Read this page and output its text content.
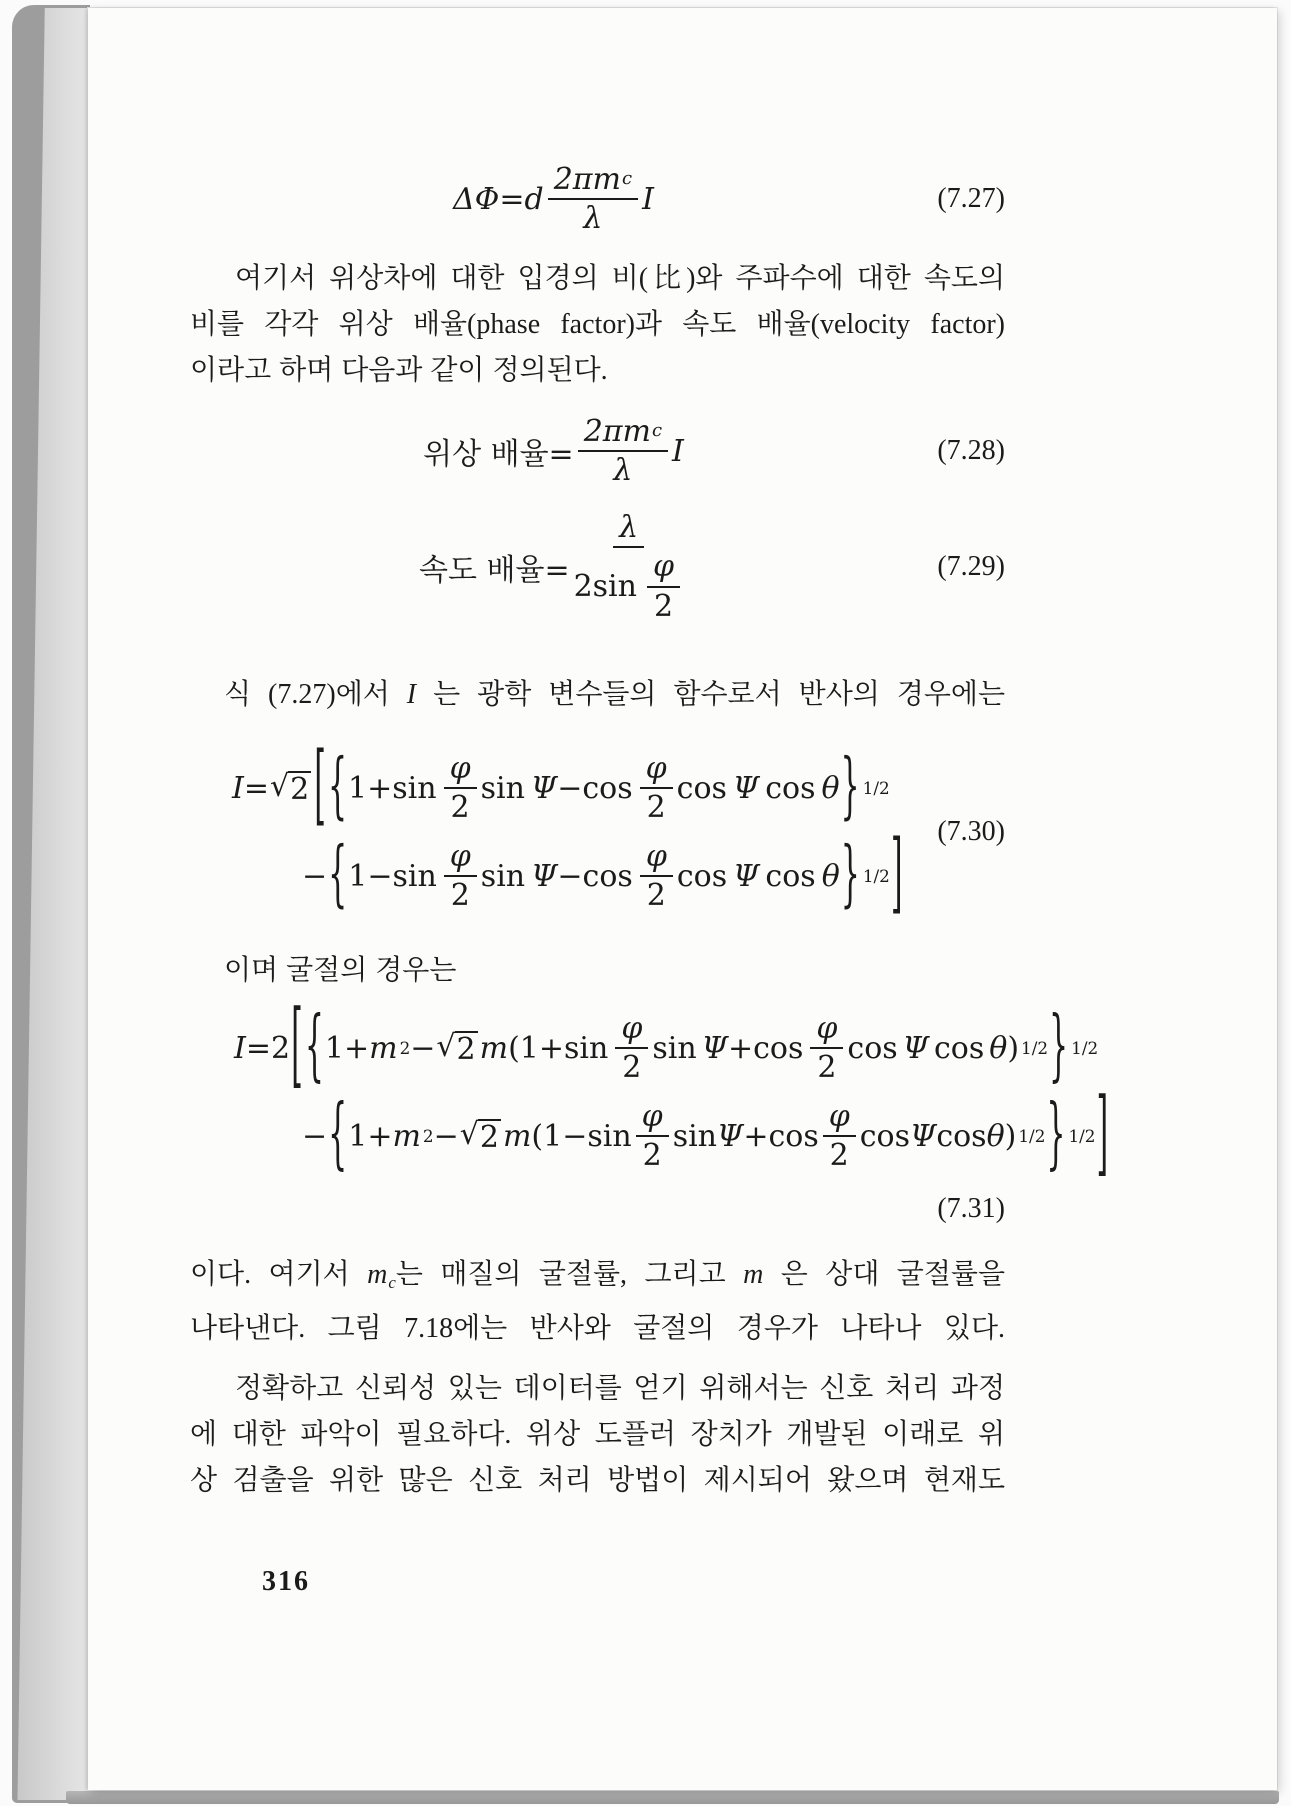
ΔΦ = d $\frac{\text{2πm c}}{\lambda}$ I	(7.27)

여기서 위상차에 대한 입경의 비(比)와 주파수에 대한 속도의

비를 각각 위상 배율(phase factor)과 속도 배율(velocity factor)

이라고 하며 다음과 같이 정의된다.

위상 배율= $\frac{\text{2πm c}}{\lambda}$ I	(7.28)
속도 배율= $\frac{\lambda}{2\sin \frac{\varphi}{2}}$	(7.29)
식 (7.27)에서 I 는 광학 변수들의 함수로서 반사의 경우에는
I = √ 2 [ { $1+\sin \frac{\varphi}{2}$ $\sin \Psi -\cos \frac{\varphi}{2}$ cos Ψ cos θ } 1/2
− { $1-\sin \frac{\varphi}{2}$ $\sin \Psi -\cos \frac{\varphi}{2}$ cos Ψ cos θ } 1/2 ] (7.30)

이며 굴절의 경우는

I =2 [ { 1+ m 2 − √ 2 m ($1+\sin \frac{\varphi}{2}$ $\sin \Psi +\cos \frac{\varphi}{2}$ cos Ψ cos θ ) 1/2 } 1/2
− { 1+ m 2 − √ 2 m ($1-\sin \frac{\varphi}{2}$ $\sin \Psi +\cos \frac{\varphi}{2}$ cos Ψ cos θ ) 1/2 } 1/2 ]
(7.31)
이다. 여기서 mc는 매질의 굴절률, 그리고 m 은 상대 굴절률을

나타낸다. 그림 7.18에는 반사와 굴절의 경우가 나타나 있다.

정확하고 신뢰성 있는 데이터를 얻기 위해서는 신호 처리 과정

에 대한 파악이 필요하다. 위상 도플러 장치가 개발된 이래로 위

상 검출을 위한 많은 신호 처리 방법이 제시되어 왔으며 현재도

316
